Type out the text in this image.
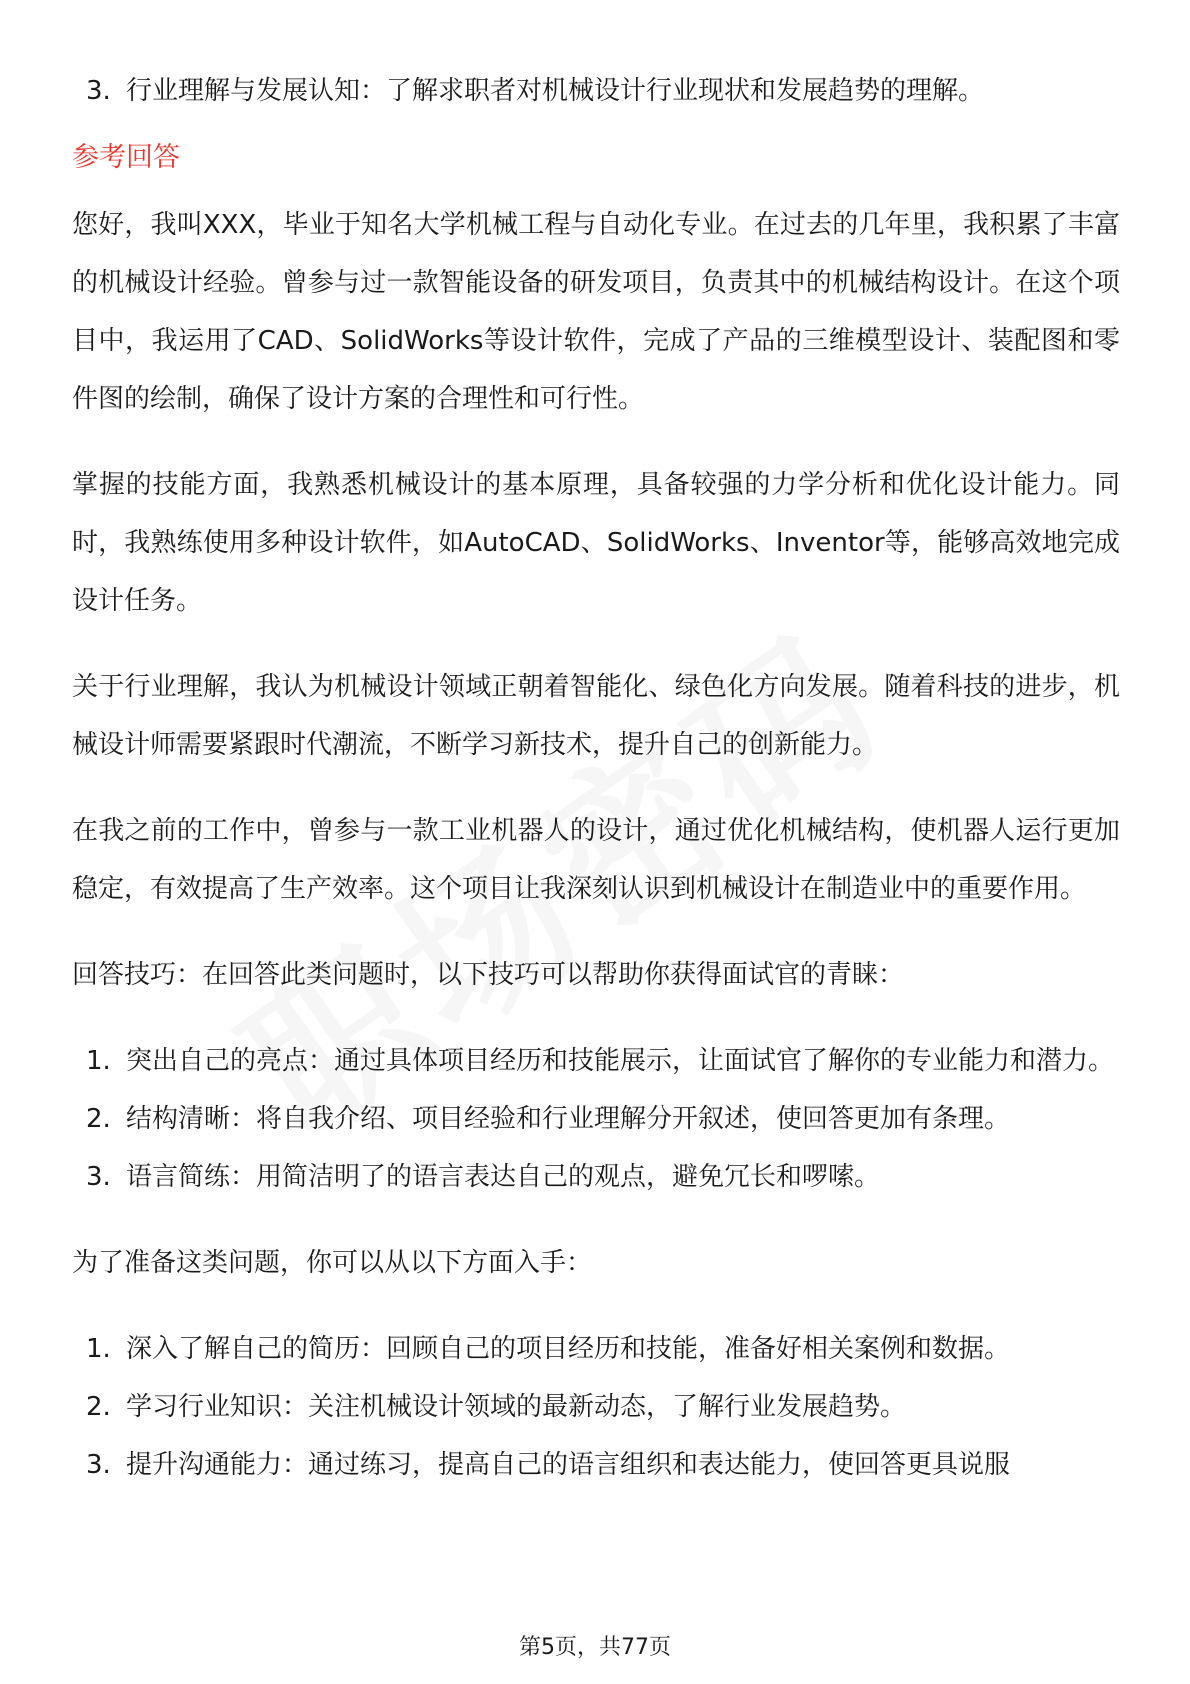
3. 行业理解与发展认知：了解求职者对机械设计行业现状和发展趋势的理解。
参考回答

您好，我叫XXX，毕业于知名大学机械工程与自动化专业。在过去的几年里，我积累了丰富的机械设计经验。曾参与过一款智能设备的研发项目，负责其中的机械结构设计。在这个项目中，我运用了CAD、SolidWorks等设计软件，完成了产品的三维模型设计、装配图和零件图的绘制，确保了设计方案的合理性和可行性。

掌握的技能方面，我熟悉机械设计的基本原理，具备较强的力学分析和优化设计能力。同时，我熟练使用多种设计软件，如AutoCAD、SolidWorks、Inventor等，能够高效地完成设计任务。

关于行业理解，我认为机械设计领域正朝着智能化、绿色化方向发展。随着科技的进步，机械设计师需要紧跟时代潮流，不断学习新技术，提升自己的创新能力。

在我之前的工作中，曾参与一款工业机器人的设计，通过优化机械结构，使机器人运行更加稳定，有效提高了生产效率。这个项目让我深刻认识到机械设计在制造业中的重要作用。

回答技巧：在回答此类问题时，以下技巧可以帮助你获得面试官的青睐：

1. 突出自己的亮点：通过具体项目经历和技能展示，让面试官了解你的专业能力和潜力。
2. 结构清晰：将自我介绍、项目经验和行业理解分开叙述，使回答更加有条理。
3. 语言简练：用简洁明了的语言表达自己的观点，避免冗长和啰嗦。

为了准备这类问题，你可以从以下方面入手：

1. 深入了解自己的简历：回顾自己的项目经历和技能，准备好相关案例和数据。
2. 学习行业知识：关注机械设计领域的最新动态，了解行业发展趋势。
3. 提升沟通能力：通过练习，提高自己的语言组织和表达能力，使回答更具说服
第5页，共77页
